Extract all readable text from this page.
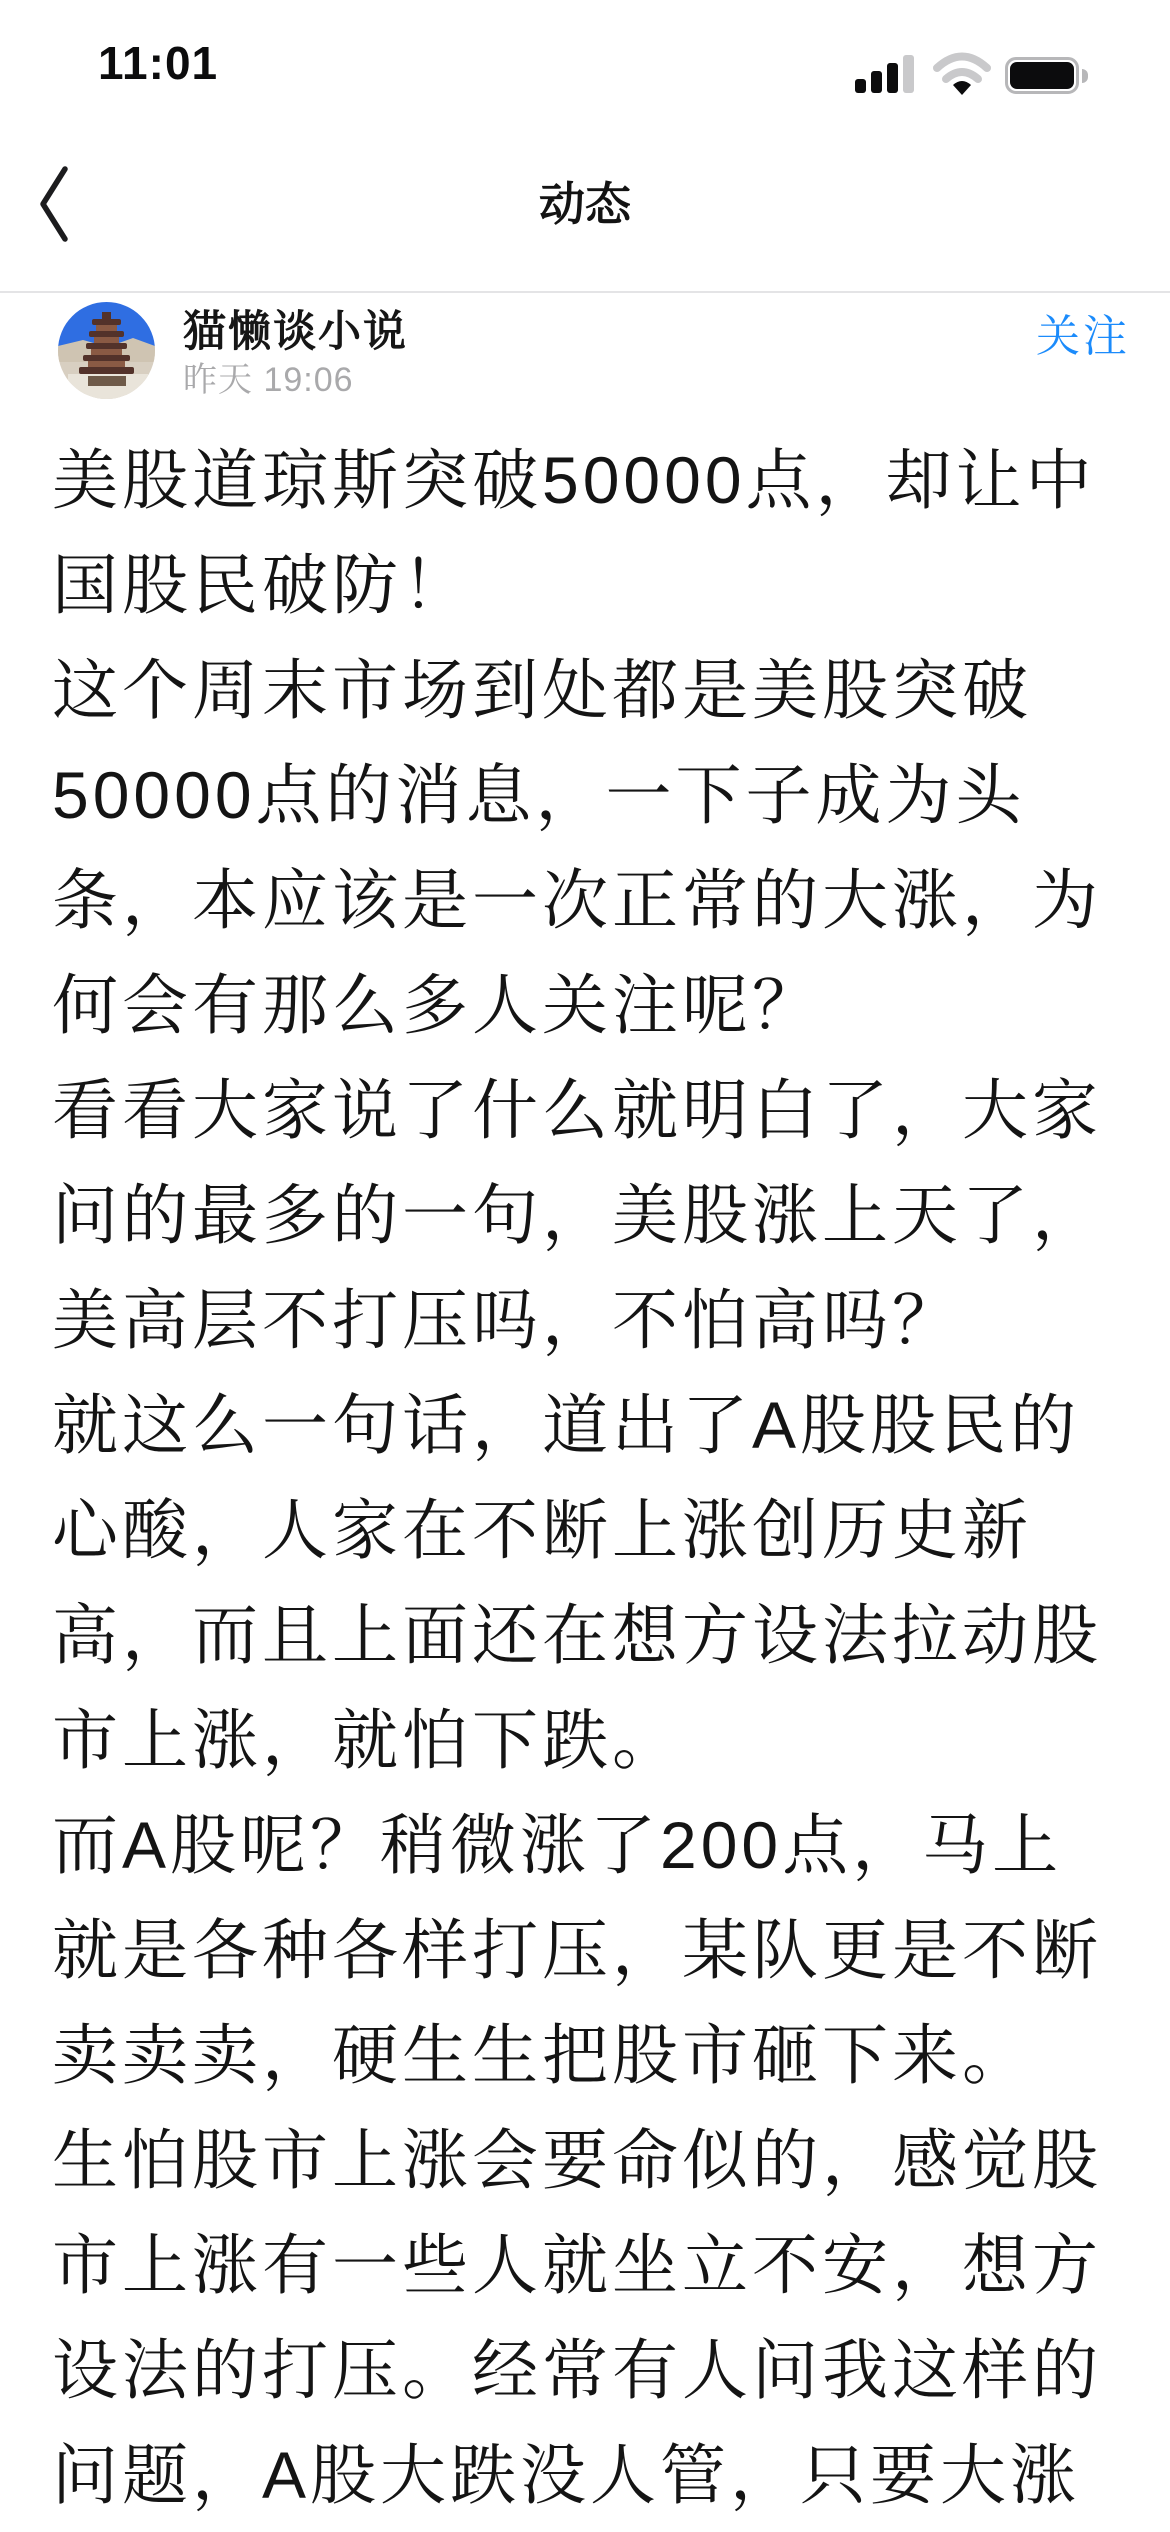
11:01
动态
猫懒谈小说
昨天 19:06
关注

美股道琼斯突破50000点，却让中
国股民破防！

这个周末市场到处都是美股突破
50000点的消息，一下子成为头
条，本应该是一次正常的大涨，为
何会有那么多人关注呢？

看看大家说了什么就明白了，大家
问的最多的一句，美股涨上天了，
美高层不打压吗，不怕高吗？

就这么一句话，道出了A股股民的
心酸，人家在不断上涨创历史新
高，而且上面还在想方设法拉动股
市上涨，就怕下跌。

而A股呢？稍微涨了200点，马上
就是各种各样打压，某队更是不断
卖卖卖，硬生生把股市砸下来。

生怕股市上涨会要命似的，感觉股
市上涨有一些人就坐立不安，想方
设法的打压。经常有人问我这样的
问题，A股大跌没人管，只要大涨
